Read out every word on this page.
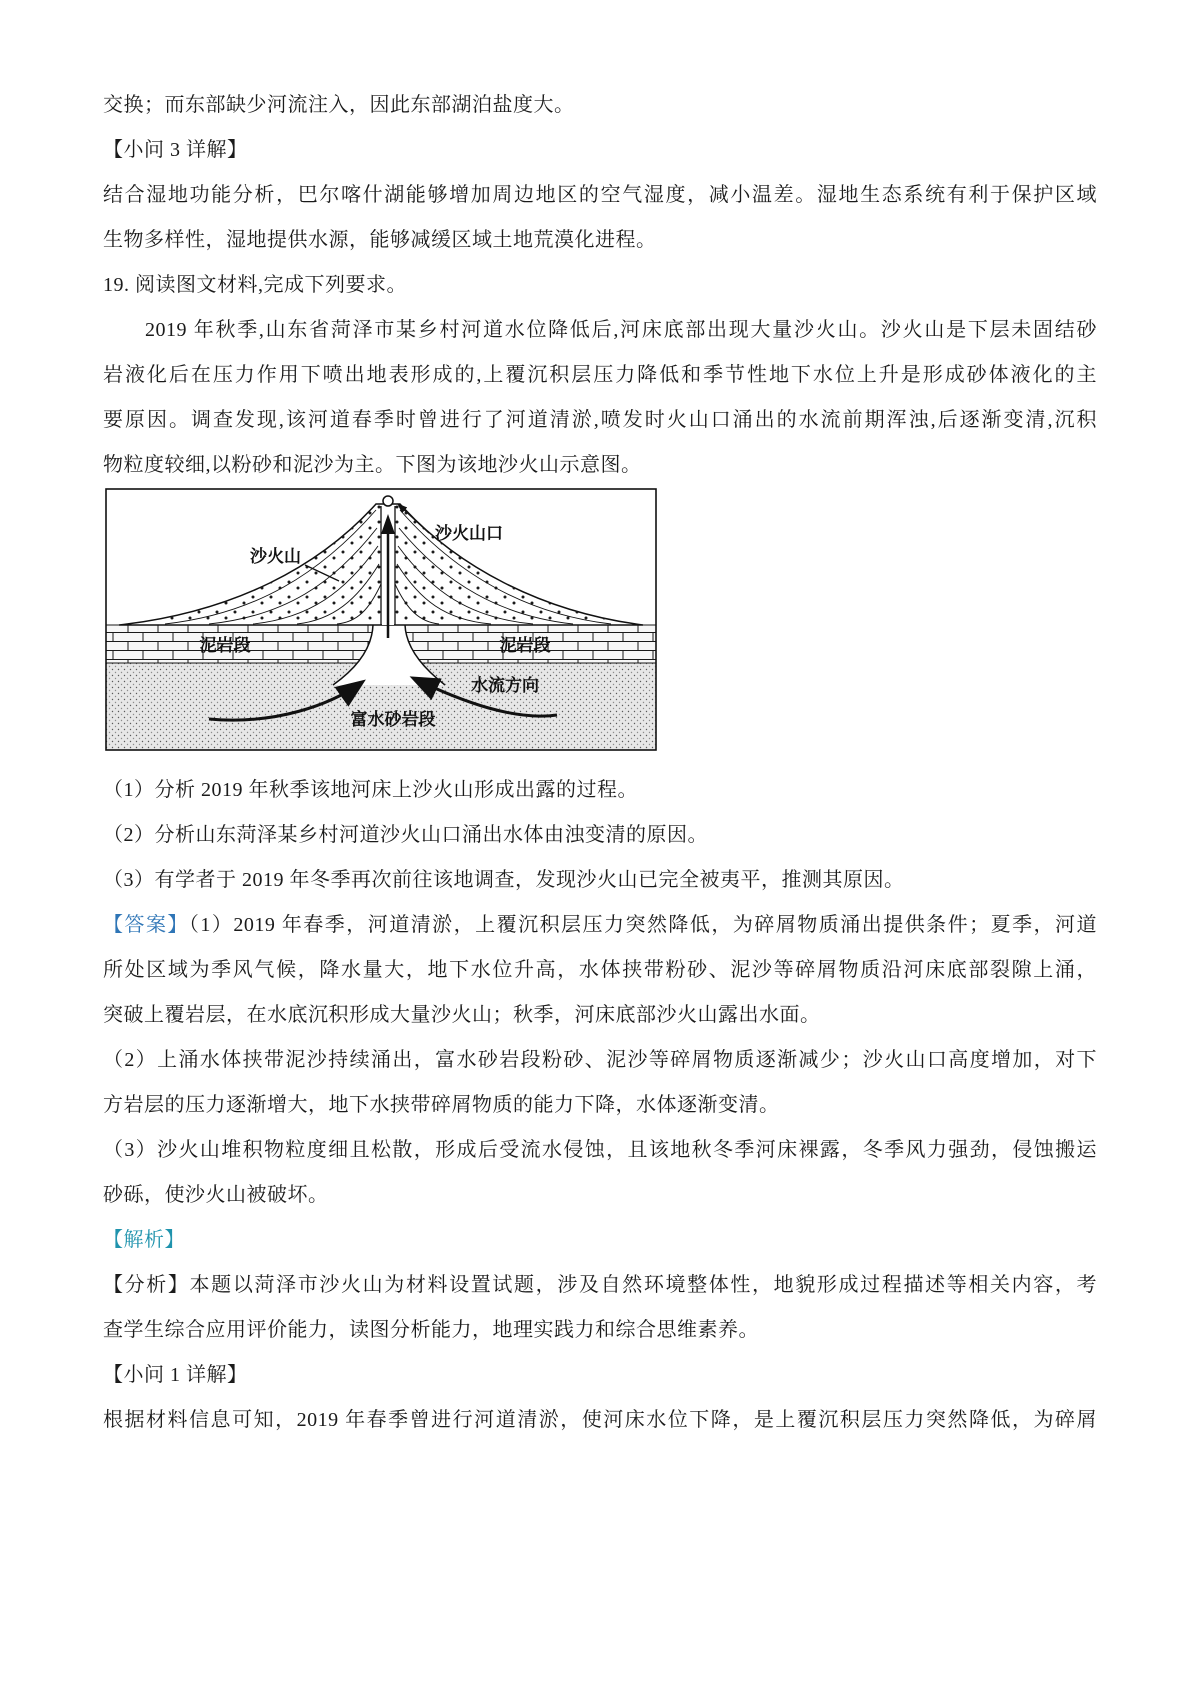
交换；而东部缺少河流注入，因此东部湖泊盐度大。
【小问 3 详解】
结合湿地功能分析，巴尔喀什湖能够增加周边地区的空气湿度，减小温差。湿地生态系统有利于保护区域
生物多样性，湿地提供水源，能够减缓区域土地荒漠化进程。
19. 阅读图文材料,完成下列要求。
2019 年秋季,山东省菏泽市某乡村河道水位降低后,河床底部出现大量沙火山。沙火山是下层未固结砂
岩液化后在压力作用下喷出地表形成的,上覆沉积层压力降低和季节性地下水位上升是形成砂体液化的主
要原因。调查发现,该河道春季时曾进行了河道清淤,喷发时火山口涌出的水流前期浑浊,后逐渐变清,沉积
物粒度较细,以粉砂和泥沙为主。下图为该地沙火山示意图。
沙火山口
沙火山
泥岩段	泥岩段
水流方向
富水砂岩段
（1）分析 2019 年秋季该地河床上沙火山形成出露的过程。
（2）分析山东菏泽某乡村河道沙火山口涌出水体由浊变清的原因。
（3）有学者于 2019 年冬季再次前往该地调查，发现沙火山已完全被夷平，推测其原因。
【答案】（1）2019 年春季，河道清淤，上覆沉积层压力突然降低，为碎屑物质涌出提供条件；夏季，河道
所处区域为季风气候，降水量大，地下水位升高，水体挟带粉砂、泥沙等碎屑物质沿河床底部裂隙上涌，
突破上覆岩层，在水底沉积形成大量沙火山；秋季，河床底部沙火山露出水面。
（2）上涌水体挟带泥沙持续涌出，富水砂岩段粉砂、泥沙等碎屑物质逐渐减少；沙火山口高度增加，对下
方岩层的压力逐渐增大，地下水挟带碎屑物质的能力下降，水体逐渐变清。
（3）沙火山堆积物粒度细且松散，形成后受流水侵蚀，且该地秋冬季河床裸露，冬季风力强劲，侵蚀搬运
砂砾，使沙火山被破坏。
【解析】
【分析】本题以菏泽市沙火山为材料设置试题，涉及自然环境整体性，地貌形成过程描述等相关内容，考
查学生综合应用评价能力，读图分析能力，地理实践力和综合思维素养。
【小问 1 详解】
根据材料信息可知，2019 年春季曾进行河道清淤，使河床水位下降，是上覆沉积层压力突然降低，为碎屑
